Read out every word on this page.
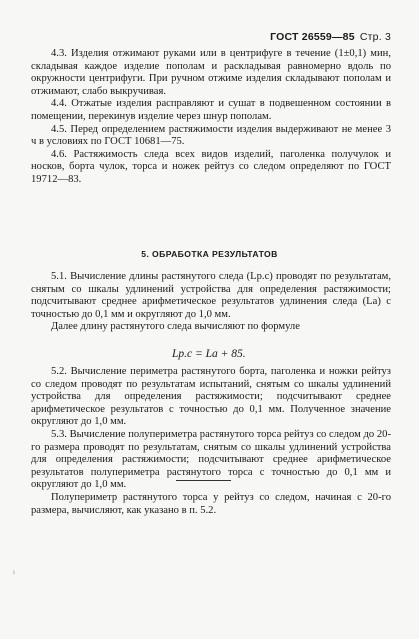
ГОСТ 26559—85 Стр. 3

4.3. Изделия отжимают руками или в центрифуге в течение (1±0,1) мин, складывая каждое изделие пополам и раскладывая равномерно вдоль по окружности центрифуги. При ручном отжиме изделия складывают пополам и отжимают, слабо выкручивая.

4.4. Отжатые изделия расправляют и сушат в подвешенном состоянии в помещении, перекинув изделие через шнур пополам.

4.5. Перед определением растяжимости изделия выдерживают не менее 3 ч в условиях по ГОСТ 10681—75.

4.6. Растяжимость следа всех видов изделий, паголенка получулок и носков, борта чулок, торса и ножек рейтуз со следом определяют по ГОСТ 19712—83.

5. ОБРАБОТКА РЕЗУЛЬТАТОВ

5.1. Вычисление длины растянутого следа (Lр.с) проводят по результатам, снятым со шкалы удлинений устройства для определения растяжимости; подсчитывают среднее арифметическое результатов удлинения следа (Lа) с точностью до 0,1 мм и округляют до 1,0 мм.

Далее длину растянутого следа вычисляют по формуле

Lр.с = Lа + 85.

5.2. Вычисление периметра растянутого борта, паголенка и ножки рейтуз со следом проводят по результатам испытаний, снятым со шкалы удлинений устройства для определения растяжимости; подсчитывают среднее арифметическое результатов с точностью до 0,1 мм. Полученное значение округляют до 1,0 мм.

5.3. Вычисление полупериметра растянутого торса рейтуз со следом до 20-го размера проводят по результатам, снятым со шкалы удлинений устройства для определения растяжимости; подсчитывают среднее арифметическое результатов полупериметра растянутого торса с точностью до 0,1 мм и округляют до 1,0 мм.

Полупериметр растянутого торса у рейтуз со следом, начиная с 20-го размера, вычисляют, как указано в п. 5.2.

ı
